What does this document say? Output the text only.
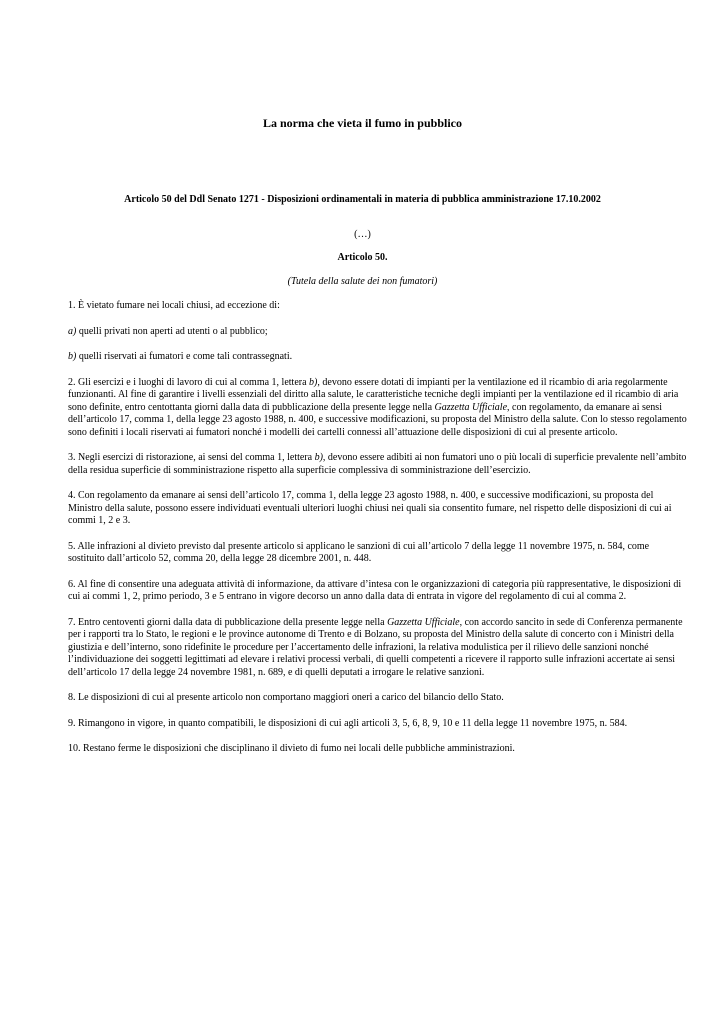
La norma che vieta il fumo in pubblico
Articolo 50 del Ddl Senato 1271 - Disposizioni ordinamentali in materia di pubblica amministrazione 17.10.2002
(…)
Articolo 50.
(Tutela della salute dei non fumatori)

1. È vietato fumare nei locali chiusi, ad eccezione di:

a) quelli privati non aperti ad utenti o al pubblico;

b) quelli riservati ai fumatori e come tali contrassegnati.

2. Gli esercizi e i luoghi di lavoro di cui al comma 1, lettera b), devono essere dotati di impianti per la ventilazione ed il ricambio di aria regolarmente funzionanti. Al fine di garantire i livelli essenziali del diritto alla salute, le caratteristiche tecniche degli impianti per la ventilazione ed il ricambio di aria sono definite, entro centottanta giorni dalla data di pubblicazione della presente legge nella Gazzetta Ufficiale, con regolamento, da emanare ai sensi dell’articolo 17, comma 1, della legge 23 agosto 1988, n. 400, e successive modificazioni, su proposta del Ministro della salute. Con lo stesso regolamento sono definiti i locali riservati ai fumatori nonché i modelli dei cartelli connessi all’attuazione delle disposizioni di cui al presente articolo.

3. Negli esercizi di ristorazione, ai sensi del comma 1, lettera b), devono essere adibiti ai non fumatori uno o più locali di superficie prevalente nell’ambito della residua superficie di somministrazione rispetto alla superficie complessiva di somministrazione dell’esercizio.

4. Con regolamento da emanare ai sensi dell’articolo 17, comma 1, della legge 23 agosto 1988, n. 400, e successive modificazioni, su proposta del Ministro della salute, possono essere individuati eventuali ulteriori luoghi chiusi nei quali sia consentito fumare, nel rispetto delle disposizioni di cui ai commi 1, 2 e 3.

5. Alle infrazioni al divieto previsto dal presente articolo si applicano le sanzioni di cui all’articolo 7 della legge 11 novembre 1975, n. 584, come sostituito dall’articolo 52, comma 20, della legge 28 dicembre 2001, n. 448.

6. Al fine di consentire una adeguata attività di informazione, da attivare d’intesa con le organizzazioni di categoria più rappresentative, le disposizioni di cui ai commi 1, 2, primo periodo, 3 e 5 entrano in vigore decorso un anno dalla data di entrata in vigore del regolamento di cui al comma 2.

7. Entro centoventi giorni dalla data di pubblicazione della presente legge nella Gazzetta Ufficiale, con accordo sancito in sede di Conferenza permanente per i rapporti tra lo Stato, le regioni e le province autonome di Trento e di Bolzano, su proposta del Ministro della salute di concerto con i Ministri della giustizia e dell’interno, sono ridefinite le procedure per l’accertamento delle infrazioni, la relativa modulistica per il rilievo delle sanzioni nonché l’individuazione dei soggetti legittimati ad elevare i relativi processi verbali, di quelli competenti a ricevere il rapporto sulle infrazioni accertate ai sensi dell’articolo 17 della legge 24 novembre 1981, n. 689, e di quelli deputati a irrogare le relative sanzioni.

8. Le disposizioni di cui al presente articolo non comportano maggiori oneri a carico del bilancio dello Stato.

9. Rimangono in vigore, in quanto compatibili, le disposizioni di cui agli articoli 3, 5, 6, 8, 9, 10 e 11 della legge 11 novembre 1975, n. 584.

10. Restano ferme le disposizioni che disciplinano il divieto di fumo nei locali delle pubbliche amministrazioni.
